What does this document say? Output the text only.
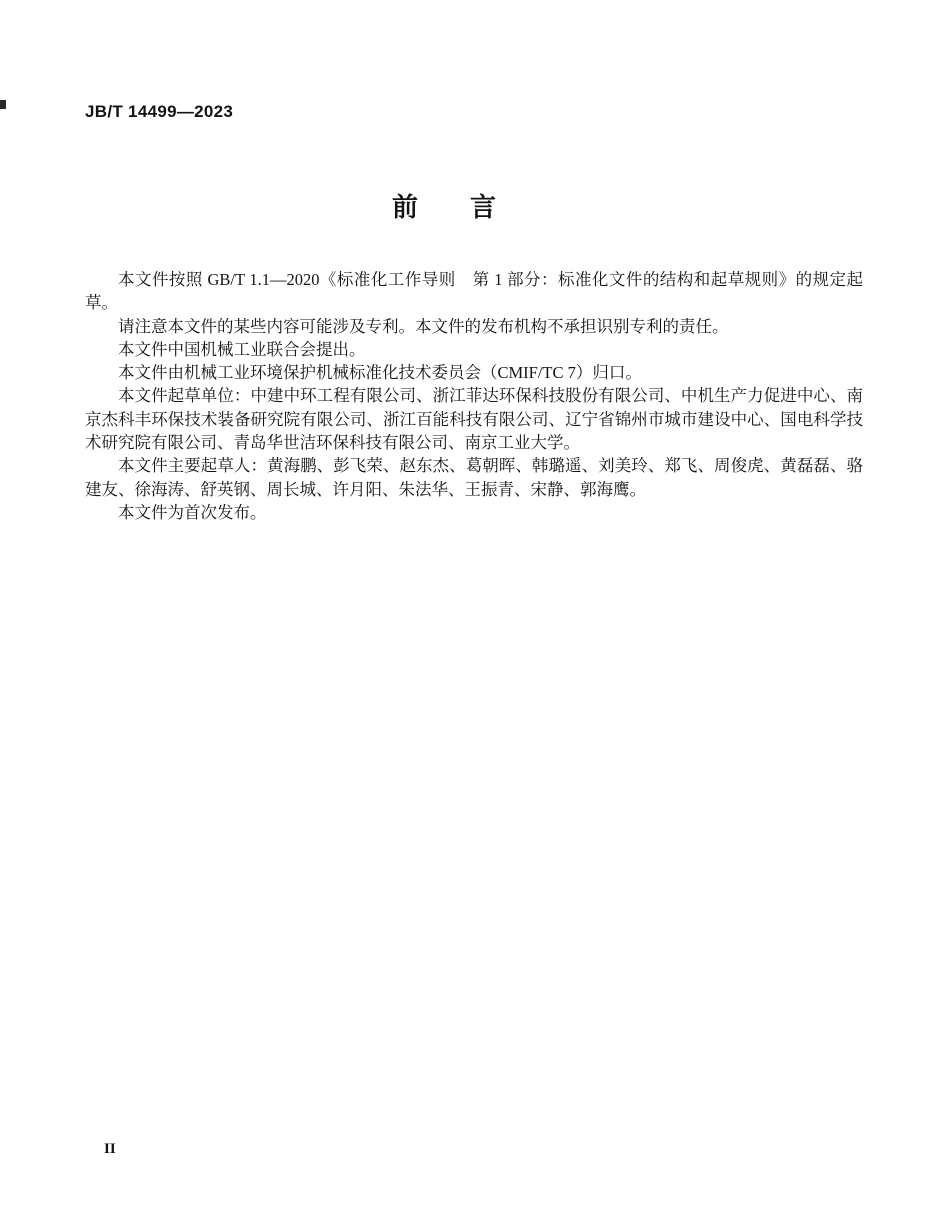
JB/T 14499—2023
前　　言

本文件按照 GB/T 1.1—2020《标准化工作导则　第 1 部分：标准化文件的结构和起草规则》的规定起草。

请注意本文件的某些内容可能涉及专利。本文件的发布机构不承担识别专利的责任。

本文件中国机械工业联合会提出。

本文件由机械工业环境保护机械标准化技术委员会（CMIF/TC 7）归口。

本文件起草单位：中建中环工程有限公司、浙江菲达环保科技股份有限公司、中机生产力促进中心、南京杰科丰环保技术装备研究院有限公司、浙江百能科技有限公司、辽宁省锦州市城市建设中心、国电科学技术研究院有限公司、青岛华世洁环保科技有限公司、南京工业大学。

本文件主要起草人：黄海鹏、彭飞荣、赵东杰、葛朝晖、韩璐遥、刘美玲、郑飞、周俊虎、黄磊磊、骆建友、徐海涛、舒英钢、周长城、许月阳、朱法华、王振青、宋静、郭海鹰。

本文件为首次发布。

II
